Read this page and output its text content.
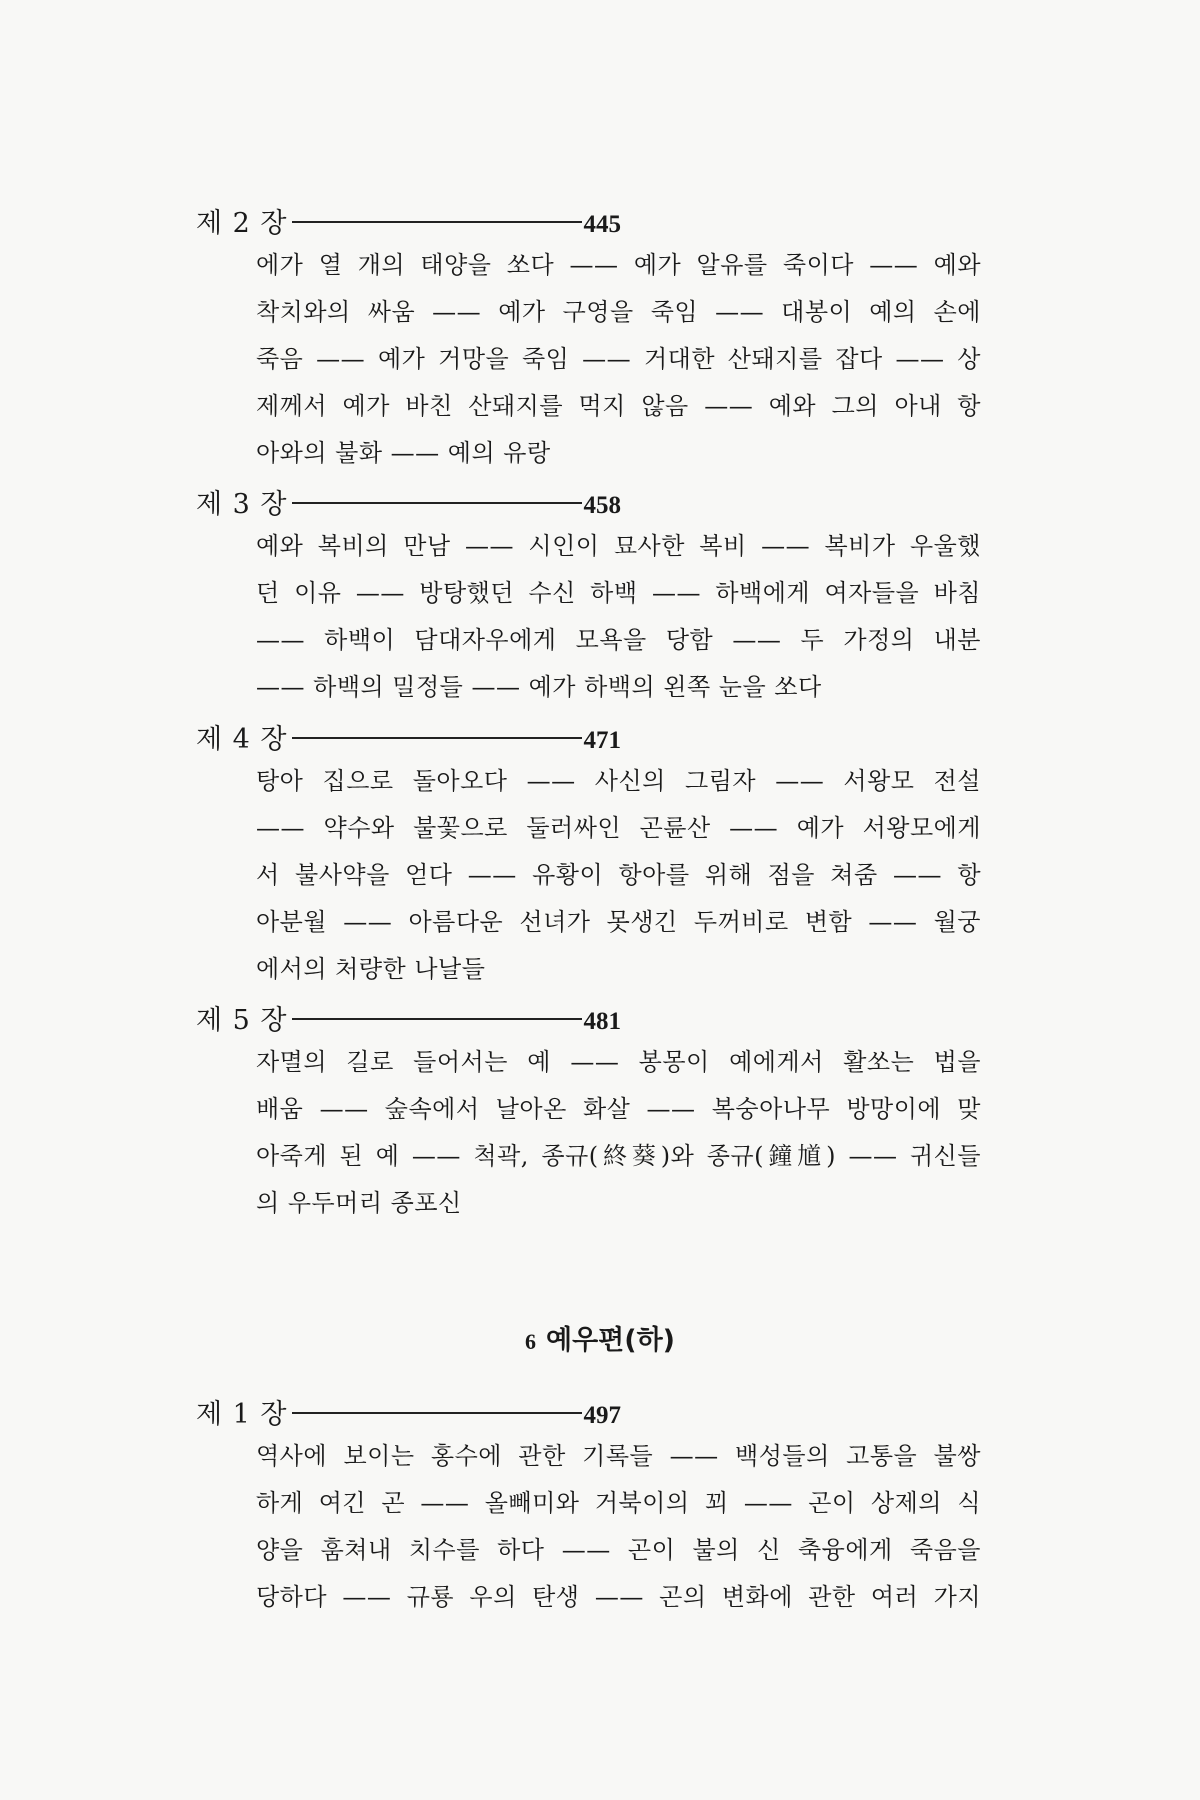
제 2 장	445
에가 열 개의 태양을 쏘다 —— 예가 알유를 죽이다 —— 예와
착치와의 싸움 —— 예가 구영을 죽임 —— 대봉이 예의 손에
죽음 —— 예가 거망을 죽임 —— 거대한 산돼지를 잡다 —— 상
제께서 예가 바친 산돼지를 먹지 않음 —— 예와 그의 아내 항
아와의 불화 —— 예의 유랑
제 3 장	458
예와 복비의 만남 —— 시인이 묘사한 복비 —— 복비가 우울했
던 이유 —— 방탕했던 수신 하백 —— 하백에게 여자들을 바침
—— 하백이 담대자우에게 모욕을 당함 —— 두 가정의 내분
—— 하백의 밀정들 —— 예가 하백의 왼쪽 눈을 쏘다
제 4 장	471
탕아 집으로 돌아오다 —— 사신의 그림자 —— 서왕모 전설
—— 약수와 불꽃으로 둘러싸인 곤륜산 —— 예가 서왕모에게
서 불사약을 얻다 —— 유황이 항아를 위해 점을 쳐줌 —— 항
아분월 —— 아름다운 선녀가 못생긴 두꺼비로 변함 —— 월궁
에서의 처량한 나날들
제 5 장	481
자멸의 길로 들어서는 예 —— 봉몽이 예에게서 활쏘는 법을
배움 —— 숲속에서 날아온 화살 —— 복숭아나무 방망이에 맞
아죽게 된 예 —— 척곽, 종규(終葵)와 종규(鐘馗) —— 귀신들
의 우두머리 종포신
6 예우편(하)
제 1 장	497
역사에 보이는 홍수에 관한 기록들 —— 백성들의 고통을 불쌍
하게 여긴 곤 —— 올빼미와 거북이의 꾀 —— 곤이 상제의 식
양을 훔쳐내 치수를 하다 —— 곤이 불의 신 축융에게 죽음을
당하다 —— 규룡 우의 탄생 —— 곤의 변화에 관한 여러 가지
